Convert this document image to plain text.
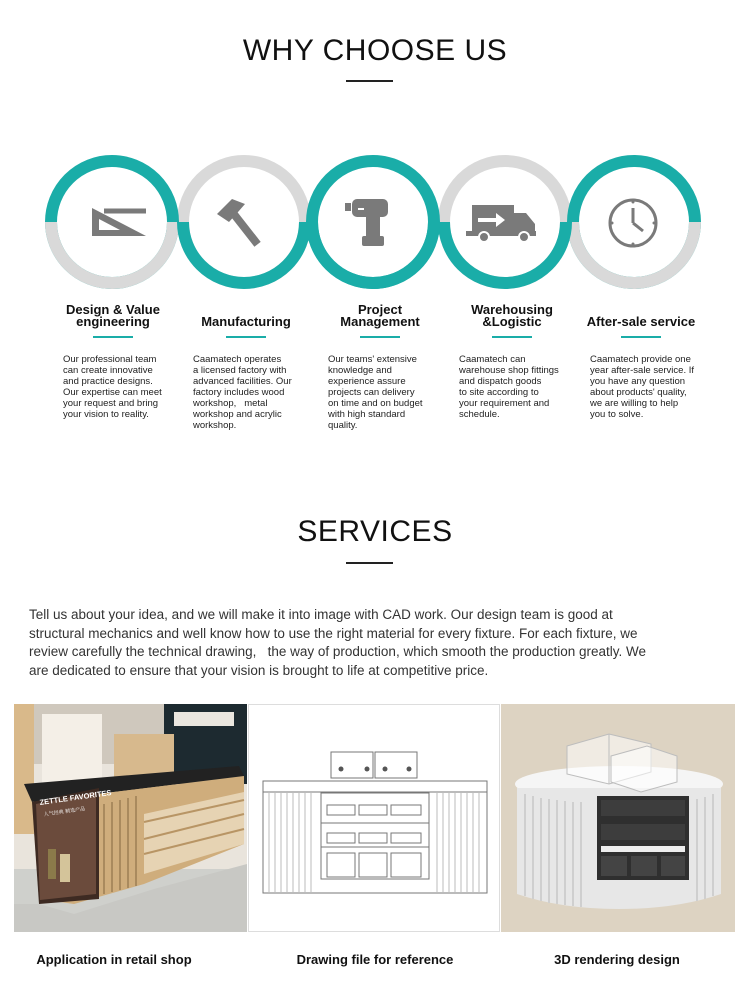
WHY CHOOSE US
Design & Value
engineering
Our professional team
can create innovative
and practice designs.
Our expertise can meet
your request and bring
your vision to reality.
Manufacturing
Caamatech operates
a licensed factory with
advanced facilities. Our
factory includes wood
workshop,   metal
workshop and acrylic
workshop.
Project
Management
Our teams' extensive
knowledge and
experience assure
projects can delivery
on time and on budget
with high standard
quality.
Warehousing
&Logistic
Caamatech can
warehouse shop fittings
and dispatch goods
to site according to
your requirement and
schedule.
After-sale service
Caamatech provide one
year after-sale service. If
you have any question
about products' quality,
we are willing to help
you to solve.
SERVICES
Tell us about your idea, and we will make it into image with CAD work. Our design team is good at
structural mechanics and well know how to use the right material for every fixture. For each fixture, we
review carefully the technical drawing,   the way of production, which smooth the production greatly. We
are dedicated to ensure that your vision is brought to life at competitive price.
ZETTLE FAVORITES
人气经典 精选产品
Application in retail shop	Drawing file for reference	3D rendering design
